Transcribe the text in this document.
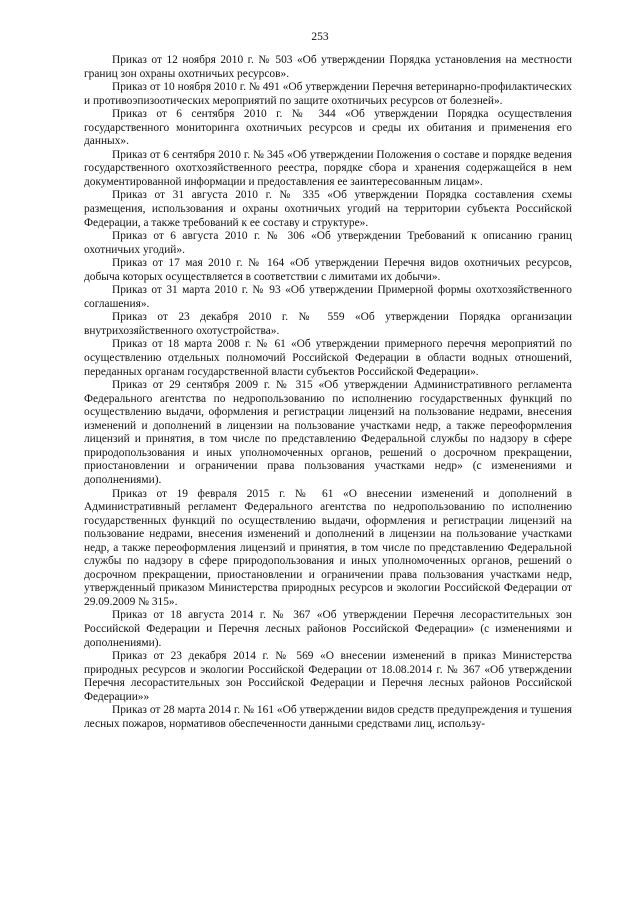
253

Приказ от 12 ноября 2010 г. № 503 «Об утверждении Порядка установления на местности границ зон охраны охотничьих ресурсов».

Приказ от 10 ноября 2010 г. № 491 «Об утверждении Перечня ветеринарно-профилактических и противоэпизоотических мероприятий по защите охотничьих ресурсов от болезней».

Приказ от 6 сентября 2010 г. № 344 «Об утверждении Порядка осуществления государственного мониторинга охотничьих ресурсов и среды их обитания и применения его данных».

Приказ от 6 сентября 2010 г. № 345 «Об утверждении Положения о составе и порядке ведения государственного охотхозяйственного реестра, порядке сбора и хранения содержащейся в нем документированной информации и предоставления ее заинтересованным лицам».

Приказ от 31 августа 2010 г. № 335 «Об утверждении Порядка составления схемы размещения, использования и охраны охотничьих угодий на территории субъекта Российской Федерации, а также требований к ее составу и структуре».

Приказ от 6 августа 2010 г. № 306 «Об утверждении Требований к описанию границ охотничьих угодий».

Приказ от 17 мая 2010 г. № 164 «Об утверждении Перечня видов охотничьих ресурсов, добыча которых осуществляется в соответствии с лимитами их добычи».

Приказ от 31 марта 2010 г. № 93 «Об утверждении Примерной формы охотхозяйственного соглашения».

Приказ от 23 декабря 2010 г. № 559 «Об утверждении Порядка организации внутрихозяйственного охотустройства».

Приказ от 18 марта 2008 г. № 61 «Об утверждении примерного перечня мероприятий по осуществлению отдельных полномочий Российской Федерации в области водных отношений, переданных органам государственной власти субъектов Российской Федерации».

Приказ от 29 сентября 2009 г. № 315 «Об утверждении Административного регламента Федерального агентства по недропользованию по исполнению государственных функций по осуществлению выдачи, оформления и регистрации лицензий на пользование недрами, внесения изменений и дополнений в лицензии на пользование участками недр, а также переоформления лицензий и принятия, в том числе по представлению Федеральной службы по надзору в сфере природопользования и иных уполномоченных органов, решений о досрочном прекращении, приостановлении и ограничении права пользования участками недр» (с изменениями и дополнениями).

Приказ от 19 февраля 2015 г. № 61 «О внесении изменений и дополнений в Административный регламент Федерального агентства по недропользованию по исполнению государственных функций по осуществлению выдачи, оформления и регистрации лицензий на пользование недрами, внесения изменений и дополнений в лицензии на пользование участками недр, а также переоформления лицензий и принятия, в том числе по представлению Федеральной службы по надзору в сфере природопользования и иных уполномоченных органов, решений о досрочном прекращении, приостановлении и ограничении права пользования участками недр, утвержденный приказом Министерства природных ресурсов и экологии Российской Федерации от 29.09.2009 № 315».

Приказ от 18 августа 2014 г. № 367 «Об утверждении Перечня лесорастительных зон Российской Федерации и Перечня лесных районов Российской Федерации» (с изменениями и дополнениями).

Приказ от 23 декабря 2014 г. № 569 «О внесении изменений в приказ Министерства природных ресурсов и экологии Российской Федерации от 18.08.2014 г. № 367 «Об утверждении Перечня лесорастительных зон Российской Федерации и Перечня лесных районов Российской Федерации»»

Приказ от 28 марта 2014 г. № 161 «Об утверждении видов средств предупреждения и тушения лесных пожаров, нормативов обеспеченности данными средствами лиц, использу-
